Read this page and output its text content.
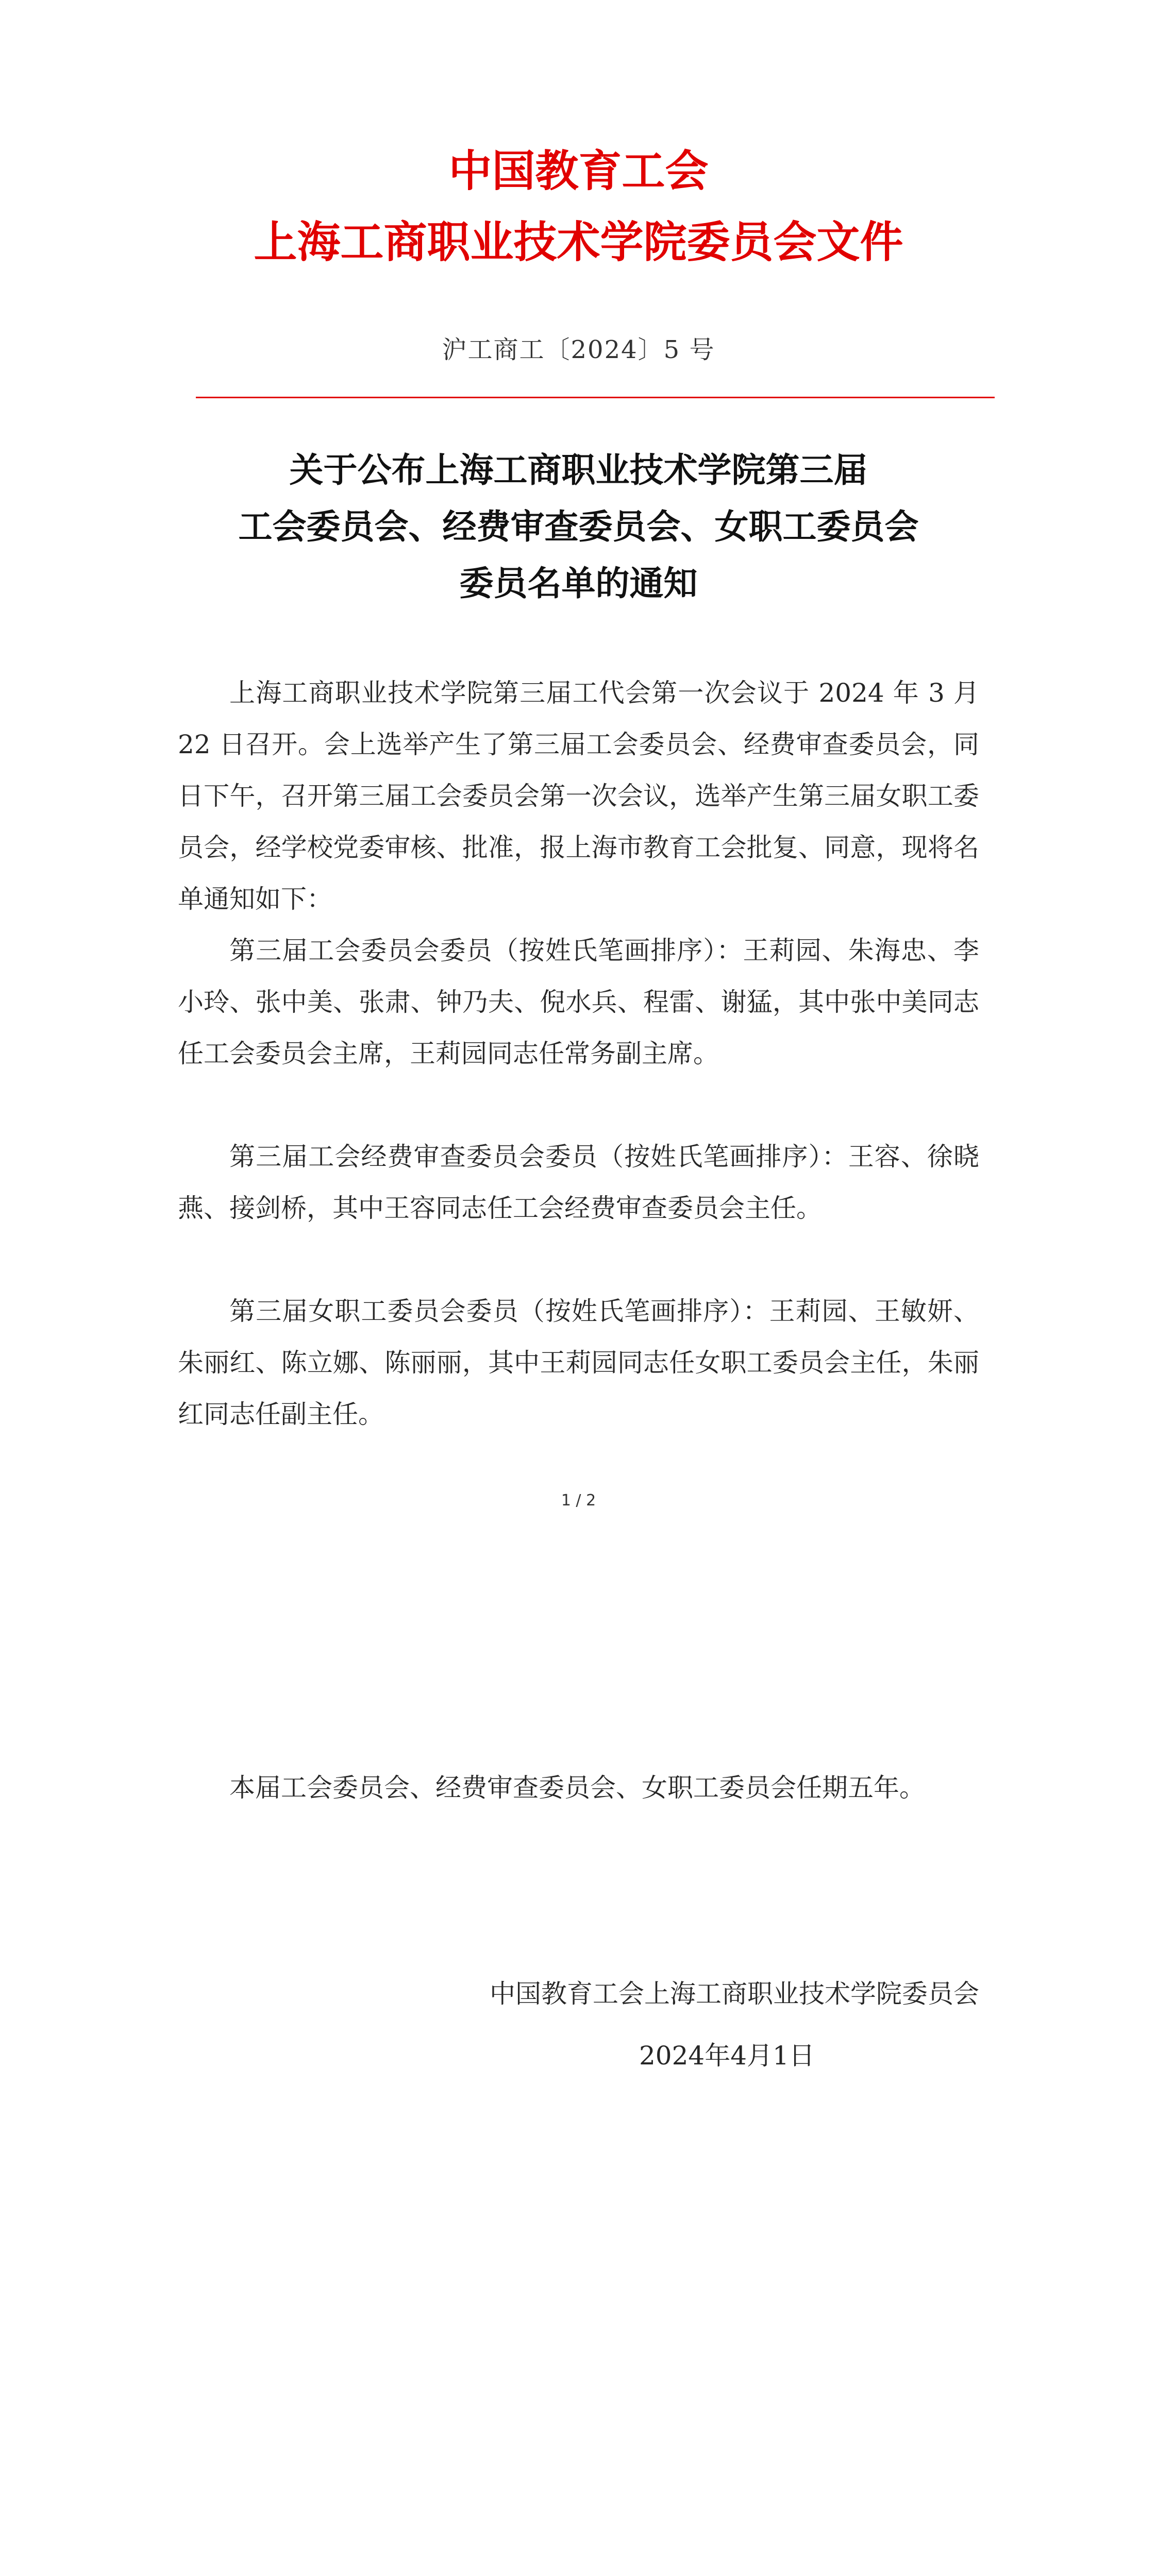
中国教育工会
上海工商职业技术学院委员会文件
沪工商工〔2024〕5 号
关于公布上海工商职业技术学院第三届
工会委员会、经费审查委员会、女职工委员会
委员名单的通知

上海工商职业技术学院第三届工代会第一次会议于 2024 年 3 月 22 日召开。会上选举产生了第三届工会委员会、经费审查委员会，同日下午，召开第三届工会委员会第一次会议，选举产生第三届女职工委员会，经学校党委审核、批准，报上海市教育工会批复、同意，现将名单通知如下：

第三届工会委员会委员（按姓氏笔画排序）：王莉园、朱海忠、李小玲、张中美、张肃、钟乃夫、倪水兵、程雷、谢猛，其中张中美同志任工会委员会主席，王莉园同志任常务副主席。

第三届工会经费审查委员会委员（按姓氏笔画排序）：王容、徐晓燕、接剑桥，其中王容同志任工会经费审查委员会主任。

第三届女职工委员会委员（按姓氏笔画排序）：王莉园、王敏妍、朱丽红、陈立娜、陈丽丽，其中王莉园同志任女职工委员会主任，朱丽红同志任副主任。

1 / 2

本届工会委员会、经费审查委员会、女职工委员会任期五年。

中国教育工会上海工商职业技术学院委员会
2024年4月1日
